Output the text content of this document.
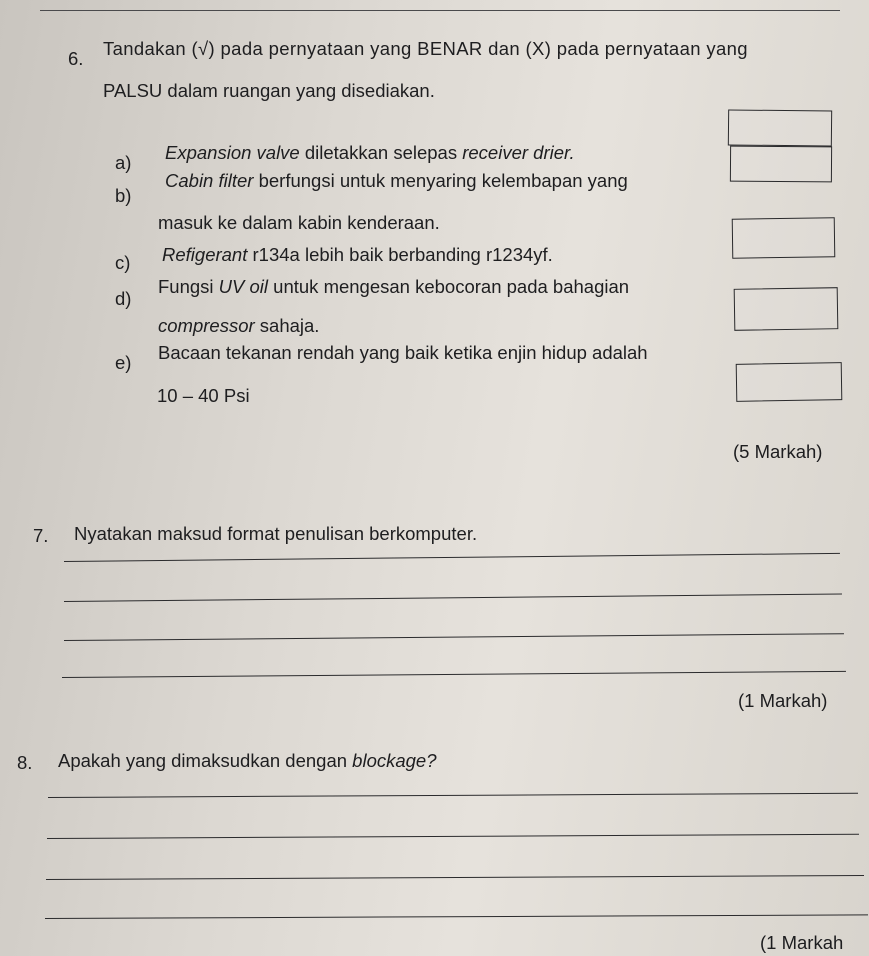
6. Tandakan (√) pada pernyataan yang BENAR dan (X) pada pernyataan yang
PALSU dalam ruangan yang disediakan.
a) Expansion valve diletakkan selepas receiver drier.
b)
Cabin filter berfungsi untuk menyaring kelembapan yang
masuk ke dalam kabin kenderaan.
c) Refigerant r134a lebih baik berbanding r1234yf.
d)
Fungsi UV oil untuk mengesan kebocoran pada bahagian
compressor sahaja.
e) Bacaan tekanan rendah yang baik ketika enjin hidup adalah
10 – 40 Psi
(5 Markah)
7. Nyatakan maksud format penulisan berkomputer.
(1 Markah)
8. Apakah yang dimaksudkan dengan blockage?
(1 Markah
